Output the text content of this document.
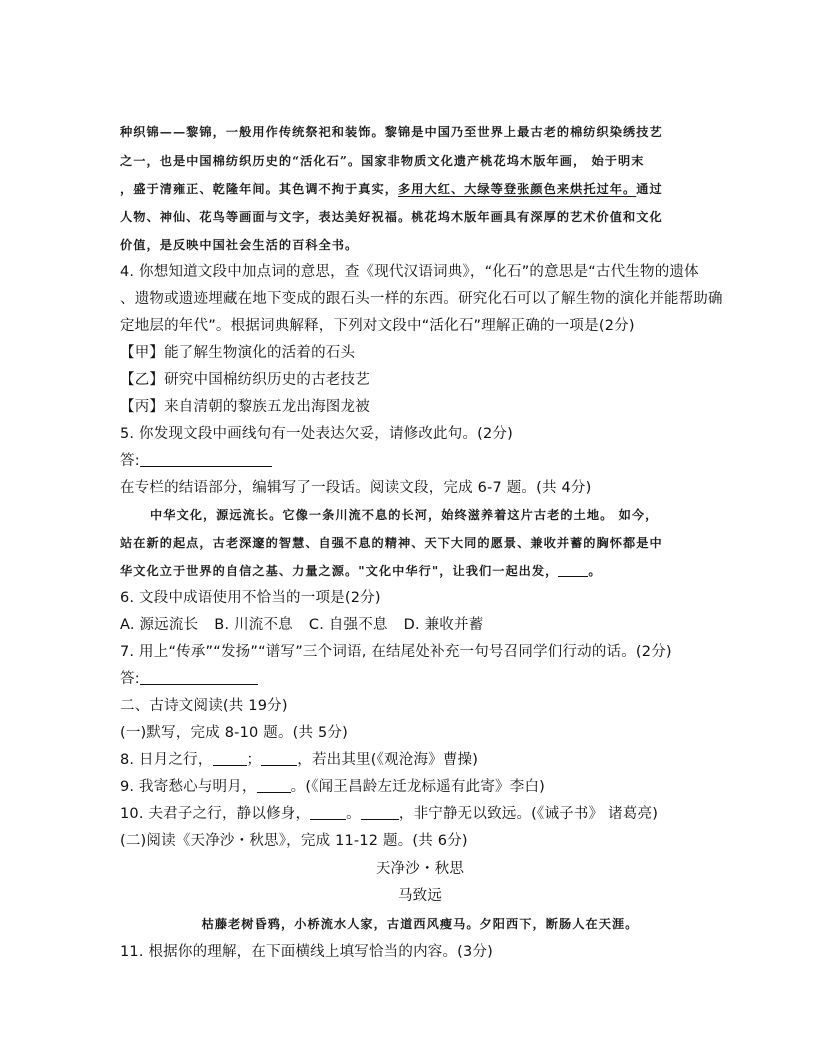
种织锦——黎锦，一般用作传统祭祀和装饰。黎锦是中国乃至世界上最古老的棉纺织染绣技艺
之一，也是中国棉纺织历史的“活化石”。国家非物质文化遗产桃花坞木版年画， 始于明末
，盛于清雍正、乾隆年间。其色调不拘于真实，多用大红、大绿等登张颜色来烘托过年。通过
人物、神仙、花鸟等画面与文字，表达美好祝福。桃花坞木版年画具有深厚的艺术价值和文化
价值，是反映中国社会生活的百科全书。
4. 你想知道文段中加点词的意思，查《现代汉语词典》，“化石”的意思是“古代生物的遗体
、遗物或遗迹埋藏在地下变成的跟石头一样的东西。研究化石可以了解生物的演化并能帮助确
定地层的年代”。根据词典解释，下列对文段中“活化石”理解正确的一项是(2分)
【甲】能了解生物演化的活着的石头
【乙】研究中国棉纺织历史的古老技艺
【丙】来自清朝的黎族五龙出海图龙被
5. 你发现文段中画线句有一处表达欠妥，请修改此句。(2分)
答:
在专栏的结语部分，编辑写了一段话。阅读文段，完成 6-7 题。(共 4分)
中华文化，源远流长。它像一条川流不息的长河，始终滋养着这片古老的土地。 如今，
站在新的起点，古老深邃的智慧、自强不息的精神、天下大同的愿景、兼收并蓄的胸怀都是中
华文化立于世界的自信之基、力量之源。"文化中华行"，让我们一起出发， 。
6. 文段中成语使用不恰当的一项是(2分)
A. 源远流长 B. 川流不息 C. 自强不息 D. 兼收并蓄
7. 用上“传承”“发扬”“谱写”三个词语, 在结尾处补充一句号召同学们行动的话。(2分)
答:
二、古诗文阅读(共 19分)
(一)默写，完成 8-10 题。(共 5分)
8. 日月之行， ； ，若出其里(《观沧海》曹操)
9. 我寄愁心与明月， 。(《闻王昌龄左迁龙标遥有此寄》李白)
10. 夫君子之行，静以修身， 。	，非宁静无以致远。(《诫子书》 诸葛亮)
(二)阅读《天净沙・秋思》，完成 11-12 题。(共 6分)
天净沙・秋思
马致远
枯藤老树昏鸦，小桥流水人家，古道西风瘦马。夕阳西下，断肠人在天涯。
11. 根据你的理解，在下面横线上填写恰当的内容。(3分)
